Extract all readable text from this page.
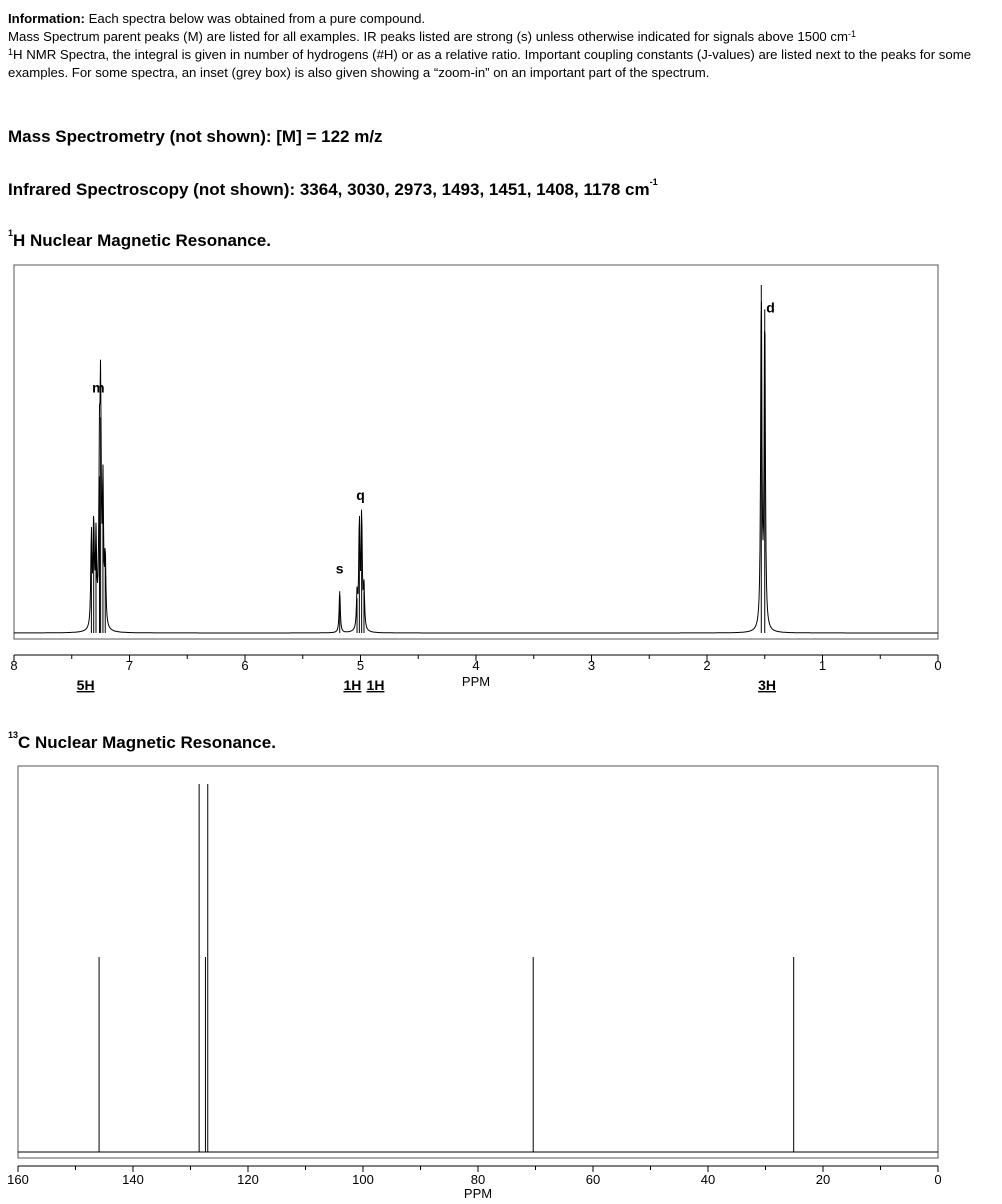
Information: Each spectra below was obtained from a pure compound.

Mass Spectrum parent peaks (M) are listed for all examples. IR peaks listed are strong (s) unless otherwise indicated for signals above 1500 $cm^{-1}$

$^1$H NMR Spectra, the integral is given in number of hydrogens (#H) or as a relative ratio. Important coupling constants (J-values) are listed next to the peaks for some examples. For some spectra, an inset (grey box) is also given showing a “zoom-in” on an important part of the spectrum.

Mass Spectrometry (not shown): [M] = 122 m/z
Infrared Spectroscopy (not shown): 3364, 3030, 2973, 1493, 1451, 1408, 1178 $cm^{-1}$
$^1$H Nuclear Magnetic Resonance.
8	7	6	5	4	3	2	1	0
PPM
m
s
q
d
5H	1H 1H	3H
$^{13}$C Nuclear Magnetic Resonance.
160	140	120	100	80	60	40	20	0
PPM
